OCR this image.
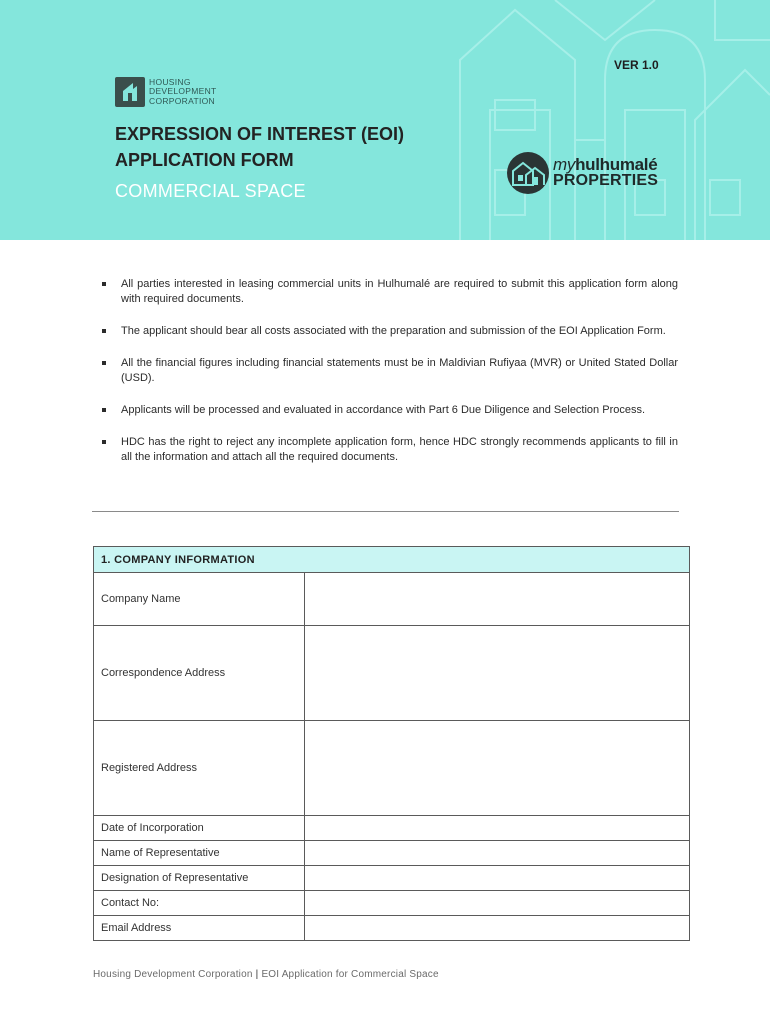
VER 1.0
HOUSING
DEVELOPMENT
CORPORATION
EXPRESSION OF INTEREST (EOI)
APPLICATION FORM
COMMERCIAL SPACE
myhulhumalé
PROPERTIES
All parties interested in leasing commercial units in Hulhumalé are required to submit this application form along with required documents.
The applicant should bear all costs associated with the preparation and submission of the EOI Application Form.
All the financial figures including financial statements must be in Maldivian Rufiyaa (MVR) or United Stated Dollar (USD).
Applicants will be processed and evaluated in accordance with Part 6 Due Diligence and Selection Process.
HDC has the right to reject any incomplete application form, hence HDC strongly recommends applicants to fill in all the information and attach all the required documents.
1. COMPANY INFORMATION	
Company Name	
Correspondence Address	
Registered Address	
Date of Incorporation	
Name of Representative	
Designation of Representative	
Contact No:	
Email Address	
Housing Development Corporation | EOI Application for Commercial Space
